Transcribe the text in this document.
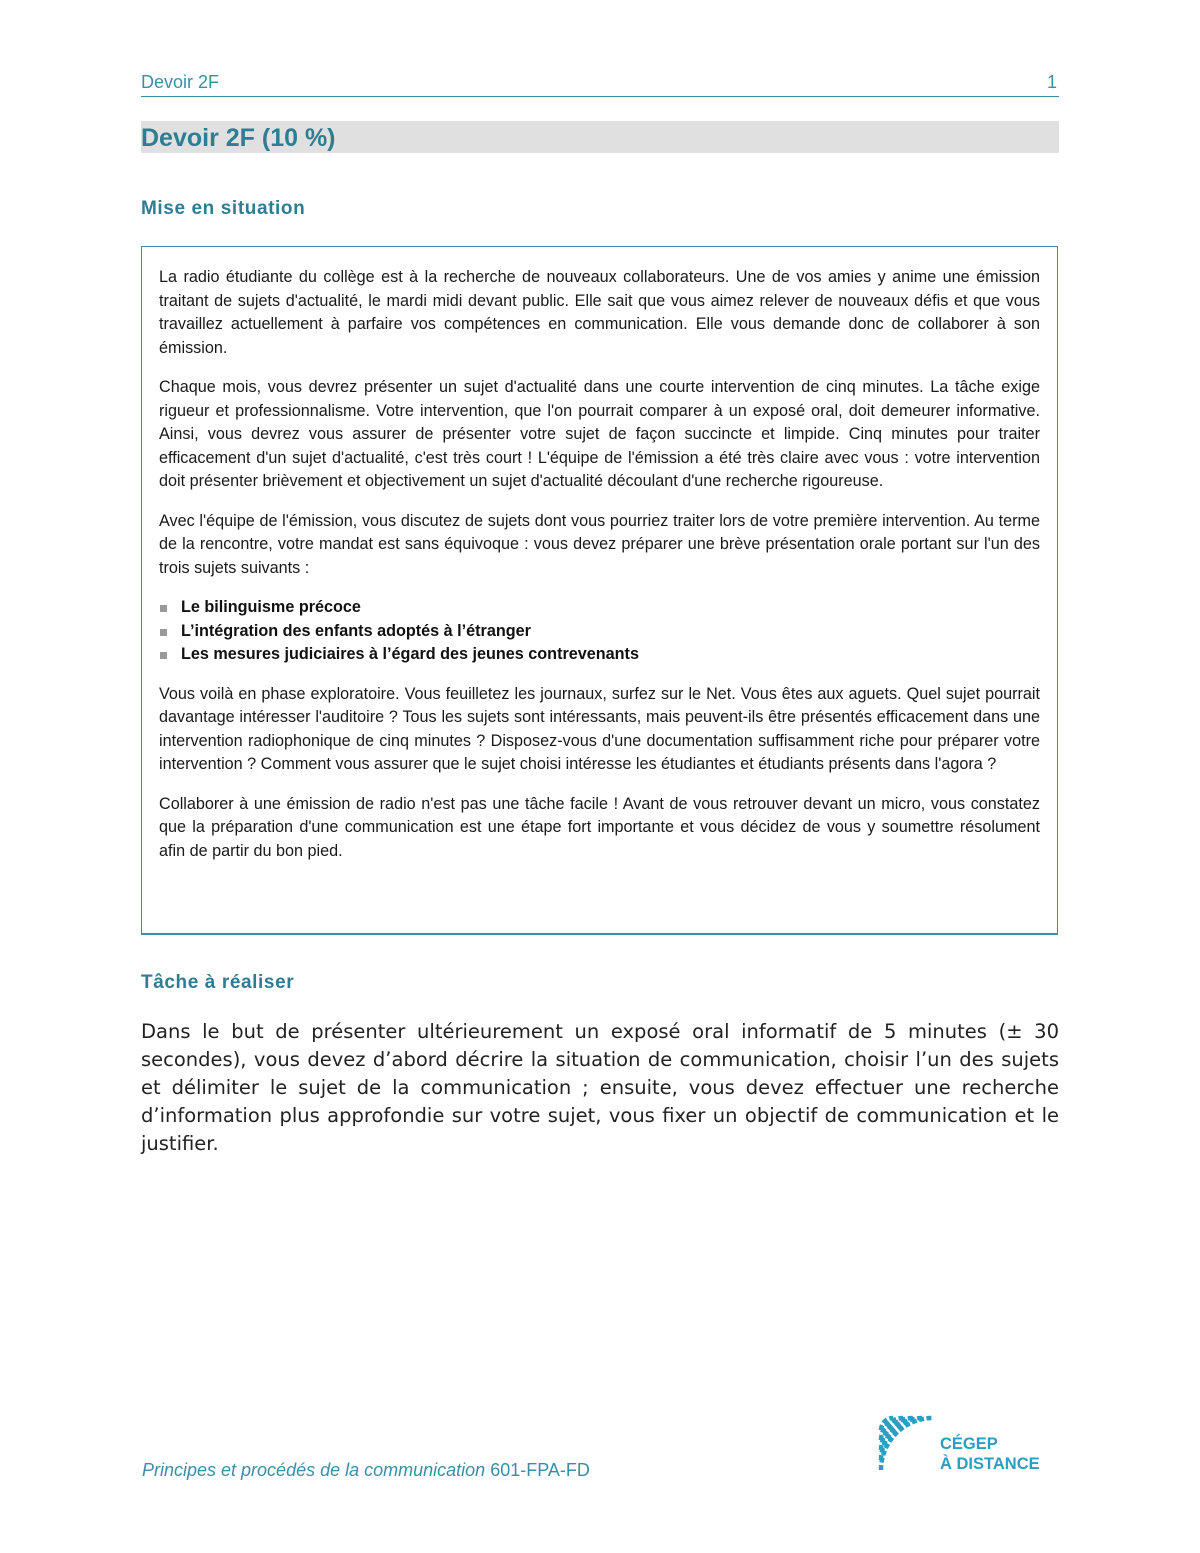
Devoir 2F	1
Devoir 2F (10 %)
Mise en situation

La radio étudiante du collège est à la recherche de nouveaux collaborateurs. Une de vos amies y anime une émission traitant de sujets d'actualité, le mardi midi devant public. Elle sait que vous aimez relever de nouveaux défis et que vous travaillez actuellement à parfaire vos compétences en communication. Elle vous demande donc de collaborer à son émission.

Chaque mois, vous devrez présenter un sujet d'actualité dans une courte intervention de cinq minutes. La tâche exige rigueur et professionnalisme. Votre intervention, que l'on pourrait comparer à un exposé oral, doit demeurer informative. Ainsi, vous devrez vous assurer de présenter votre sujet de façon succincte et limpide. Cinq minutes pour traiter efficacement d'un sujet d'actualité, c'est très court ! L'équipe de l'émission a été très claire avec vous : votre intervention doit présenter brièvement et objectivement un sujet d'actualité découlant d'une recherche rigoureuse.

Avec l'équipe de l'émission, vous discutez de sujets dont vous pourriez traiter lors de votre première intervention. Au terme de la rencontre, votre mandat est sans équivoque : vous devez préparer une brève présentation orale portant sur l'un des trois sujets suivants :

Le bilinguisme précoce
L’intégration des enfants adoptés à l’étranger
Les mesures judiciaires à l’égard des jeunes contrevenants

Vous voilà en phase exploratoire. Vous feuilletez les journaux, surfez sur le Net. Vous êtes aux aguets. Quel sujet pourrait davantage intéresser l'auditoire ? Tous les sujets sont intéressants, mais peuvent-ils être présentés efficacement dans une intervention radiophonique de cinq minutes ? Disposez-vous d'une documentation suffisamment riche pour préparer votre intervention ? Comment vous assurer que le sujet choisi intéresse les étudiantes et étudiants présents dans l'agora ?

Collaborer à une émission de radio n'est pas une tâche facile ! Avant de vous retrouver devant un micro, vous constatez que la préparation d'une communication est une étape fort importante et vous décidez de vous y soumettre résolument afin de partir du bon pied.

Tâche à réaliser

Dans le but de présenter ultérieurement un exposé oral informatif de 5 minutes (± 30 secondes), vous devez d’abord décrire la situation de communication, choisir l’un des sujets et délimiter le sujet de la communication ; ensuite, vous devez effectuer une recherche d’information plus approfondie sur votre sujet, vous fixer un objectif de communication et le justifier.

Principes et procédés de la communication 601-FPA-FD
CÉGEP
À DISTANCE
